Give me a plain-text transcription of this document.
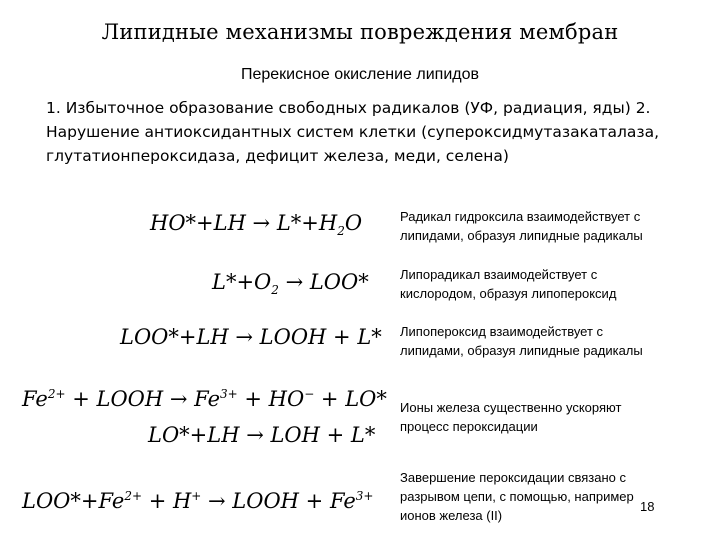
Липидные механизмы повреждения мембран
Перекисное окисление липидов
1. Избыточное образование свободных радикалов (УФ, радиация, яды) 2.
Нарушение антиоксидантных систем клетки (супероксидмутазакаталаза,
глутатионпероксидаза, дефицит железа, меди, селена)
$HO*+LH \to L*+H_2O$
$L*+O_2 \to LOO*$
LOO*+LH → LOOH + L*
$Fe^{2+}$ + LOOH → $Fe^{3+} + HO^- + LO*$
LO*+LH → LOH + L*
$LOO*+Fe^{2+} + H^+$ → LOOH + $Fe^{3+}$
Радикал гидроксила взаимодействует с
липидами, образуя липидные радикалы
Липорадикал взаимодействует с
кислородом, образуя липопероксид
Липопероксид взаимодействует с
липидами, образуя липидные радикалы
Ионы железа существенно ускоряют
процесс пероксидации
Завершение пероксидации связано с
разрывом цепи, с помощью, например
ионов железа (II)
18
